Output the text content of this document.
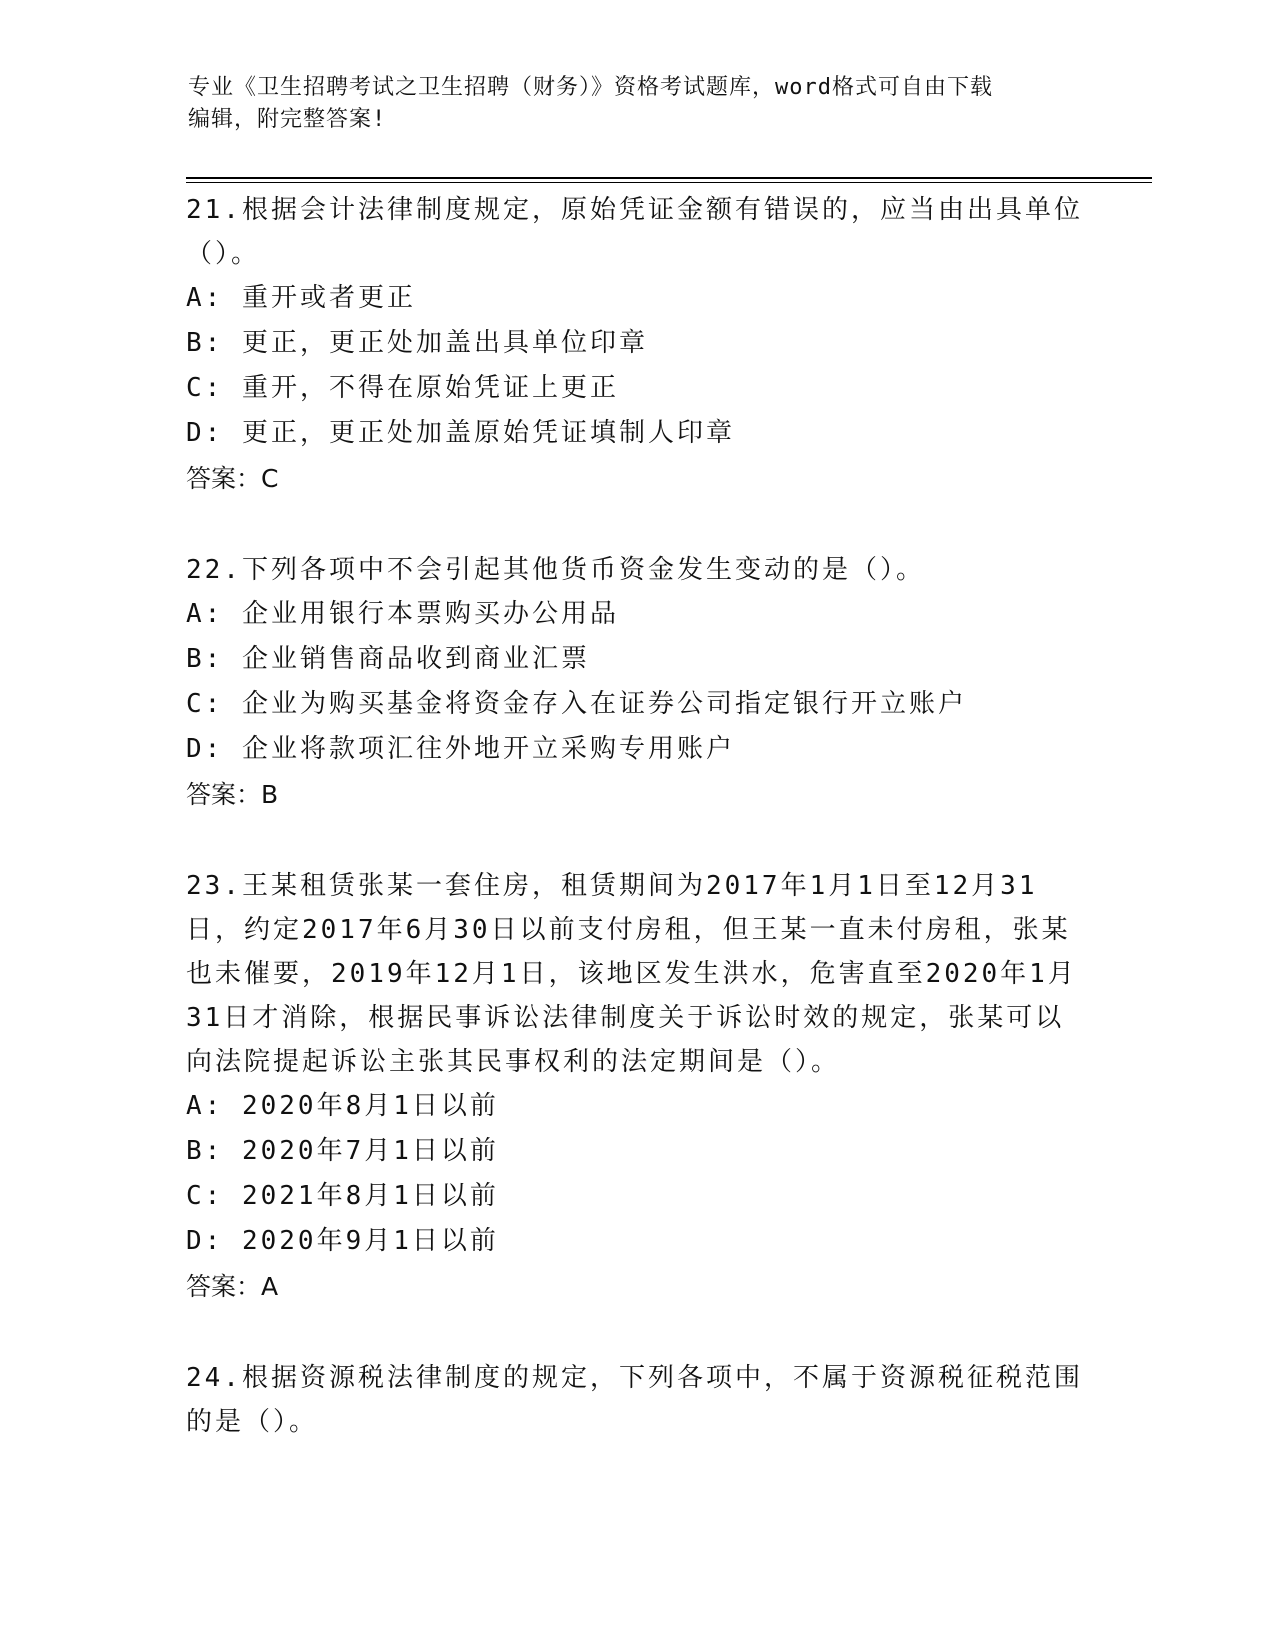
专业《卫生招聘考试之卫生招聘（财务）》资格考试题库，word格式可自由下载
编辑，附完整答案!

21.根据会计法律制度规定，原始凭证金额有错误的，应当由出具单位（）。

A: 重开或者更正

B: 更正，更正处加盖出具单位印章

C: 重开，不得在原始凭证上更正

D: 更正，更正处加盖原始凭证填制人印章

答案：C

22.下列各项中不会引起其他货币资金发生变动的是（）。

A: 企业用银行本票购买办公用品

B: 企业销售商品收到商业汇票

C: 企业为购买基金将资金存入在证券公司指定银行开立账户

D: 企业将款项汇往外地开立采购专用账户

答案：B

23.王某租赁张某一套住房，租赁期间为2017年1月1日至12月31日，约定2017年6月30日以前支付房租，但王某一直未付房租，张某也未催要，2019年12月1日，该地区发生洪水，危害直至2020年1月31日才消除，根据民事诉讼法律制度关于诉讼时效的规定，张某可以向法院提起诉讼主张其民事权利的法定期间是（）。

A: 2020年8月1日以前

B: 2020年7月1日以前

C: 2021年8月1日以前

D: 2020年9月1日以前

答案：A

24.根据资源税法律制度的规定，下列各项中，不属于资源税征税范围的是（）。
